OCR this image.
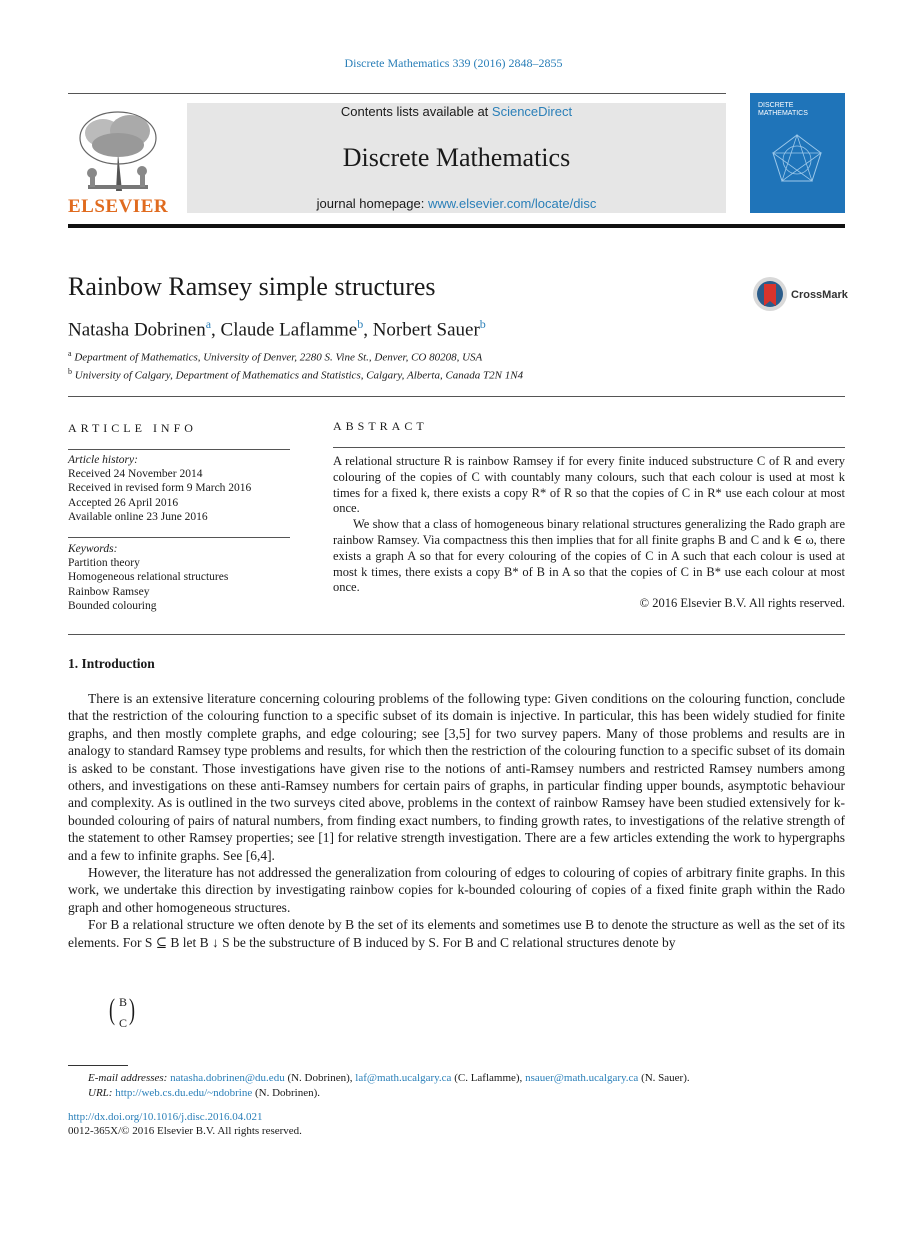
Discrete Mathematics 339 (2016) 2848–2855
ELSEVIER
Contents lists available at ScienceDirect
Discrete Mathematics
journal homepage: www.elsevier.com/locate/disc
DISCRETE
MATHEMATICS
Rainbow Ramsey simple structures	CrossMark
Natasha Dobrinen$^a$, Claude Laflamme$^b$, Norbert Sauer$^b$
$^a$ Department of Mathematics, University of Denver, 2280 S. Vine St., Denver, CO 80208, USA
$^b$ University of Calgary, Department of Mathematics and Statistics, Calgary, Alberta, Canada T2N 1N4
ARTICLE INFO	ABSTRACT
Article history:
Received 24 November 2014
Received in revised form 9 March 2016
Accepted 26 April 2016
Available online 23 June 2016
Keywords:
Partition theory
Homogeneous relational structures
Rainbow Ramsey
Bounded colouring

A relational structure R is rainbow Ramsey if for every finite induced substructure C of R and every colouring of the copies of C with countably many colours, such that each colour is used at most k times for a fixed k, there exists a copy R* of R so that the copies of C in R* use each colour at most once.

We show that a class of homogeneous binary relational structures generalizing the Rado graph are rainbow Ramsey. Via compactness this then implies that for all finite graphs B and C and k ∈ ω, there exists a graph A so that for every colouring of the copies of C in A such that each colour is used at most k times, there exists a copy B* of B in A so that the copies of C in B* use each colour at most once.

© 2016 Elsevier B.V. All rights reserved.

1. Introduction

There is an extensive literature concerning colouring problems of the following type: Given conditions on the colouring function, conclude that the restriction of the colouring function to a specific subset of its domain is injective. In particular, this has been widely studied for finite graphs, and then mostly complete graphs, and edge colouring; see [3,5] for two survey papers. Many of those problems and results are in analogy to standard Ramsey type problems and results, for which then the restriction of the colouring function to a specific subset of its domain is asked to be constant. Those investigations have given rise to the notions of anti-Ramsey numbers and restricted Ramsey numbers among others, and investigations on these anti-Ramsey numbers for certain pairs of graphs, in particular finding upper bounds, asymptotic behaviour and complexity. As is outlined in the two surveys cited above, problems in the context of rainbow Ramsey have been studied extensively for k-bounded colouring of pairs of natural numbers, from finding exact numbers, to finding growth rates, to investigations of the relative strength of the statement to other Ramsey properties; see [1] for relative strength investigation. There are a few articles extending the work to hypergraphs and a few to infinite graphs. See [6,4].

However, the literature has not addressed the generalization from colouring of edges to colouring of copies of arbitrary finite graphs. In this work, we undertake this direction by investigating rainbow copies for k-bounded colouring of copies of a fixed finite graph within the Rado graph and other homogeneous structures.

For B a relational structure we often denote by B the set of its elements and sometimes use B to denote the structure as well as the set of its elements. For S ⊆ B let B ↓ S be the substructure of B induced by S. For B and C relational structures denote by

( B
C )
E-mail addresses: natasha.dobrinen@du.edu (N. Dobrinen), laf@math.ucalgary.ca (C. Laflamme), nsauer@math.ucalgary.ca (N. Sauer).
URL: http://web.cs.du.edu/~ndobrine (N. Dobrinen).
http://dx.doi.org/10.1016/j.disc.2016.04.021
0012-365X/© 2016 Elsevier B.V. All rights reserved.
